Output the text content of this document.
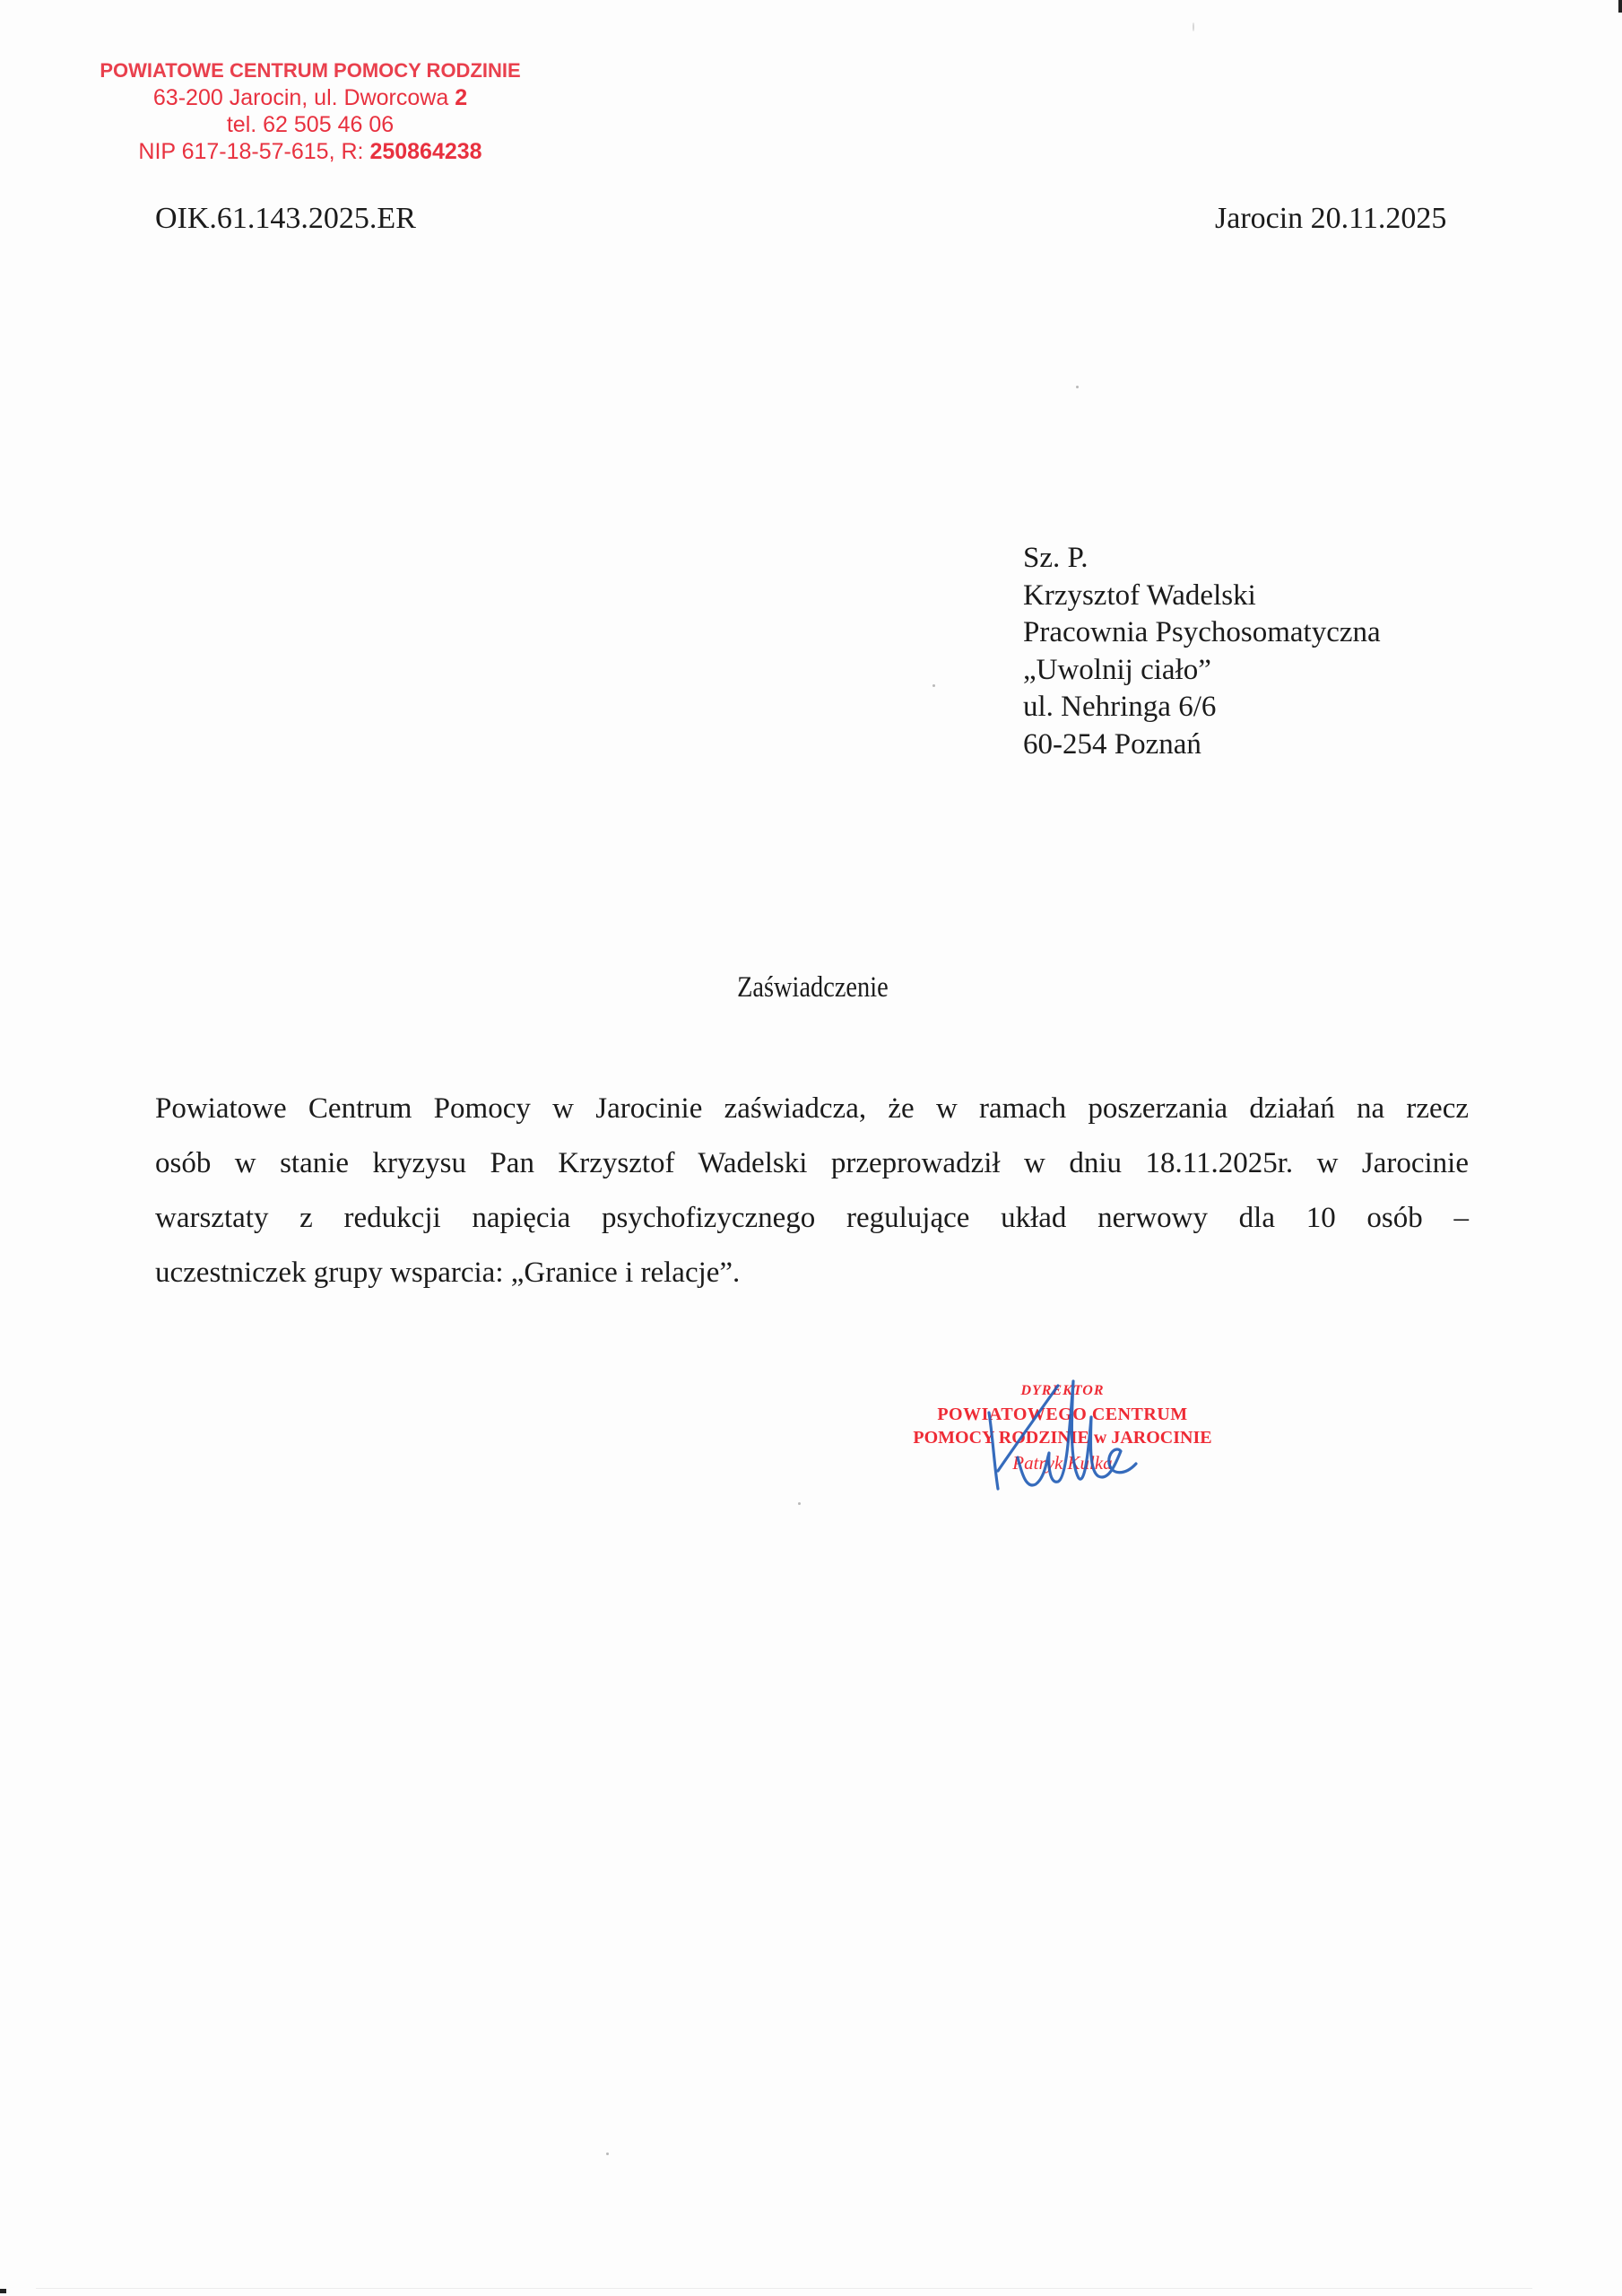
POWIATOWE CENTRUM POMOCY RODZINIE
63-200 Jarocin, ul. Dworcowa 2
tel. 62 505 46 06
NIP 617-18-57-615, R: 250864238
OIK.61.143.2025.ER	Jarocin 20.11.2025
Sz. P.
Krzysztof Wadelski
Pracownia Psychosomatyczna
„Uwolnij ciało”
ul. Nehringa 6/6
60-254 Poznań
Zaświadczenie
Powiatowe Centrum Pomocy w Jarocinie zaświadcza, że w ramach poszerzania działań na rzecz
osób w stanie kryzysu Pan Krzysztof Wadelski przeprowadził w dniu 18.11.2025r. w Jarocinie
warsztaty z redukcji napięcia psychofizycznego regulujące układ nerwowy dla 10 osób –
uczestniczek grupy wsparcia: „Granice i relacje”.
DYREKTOR
POWIATOWEGO CENTRUM
POMOCY RODZINIE w JAROCINIE
Patryk Kulka
